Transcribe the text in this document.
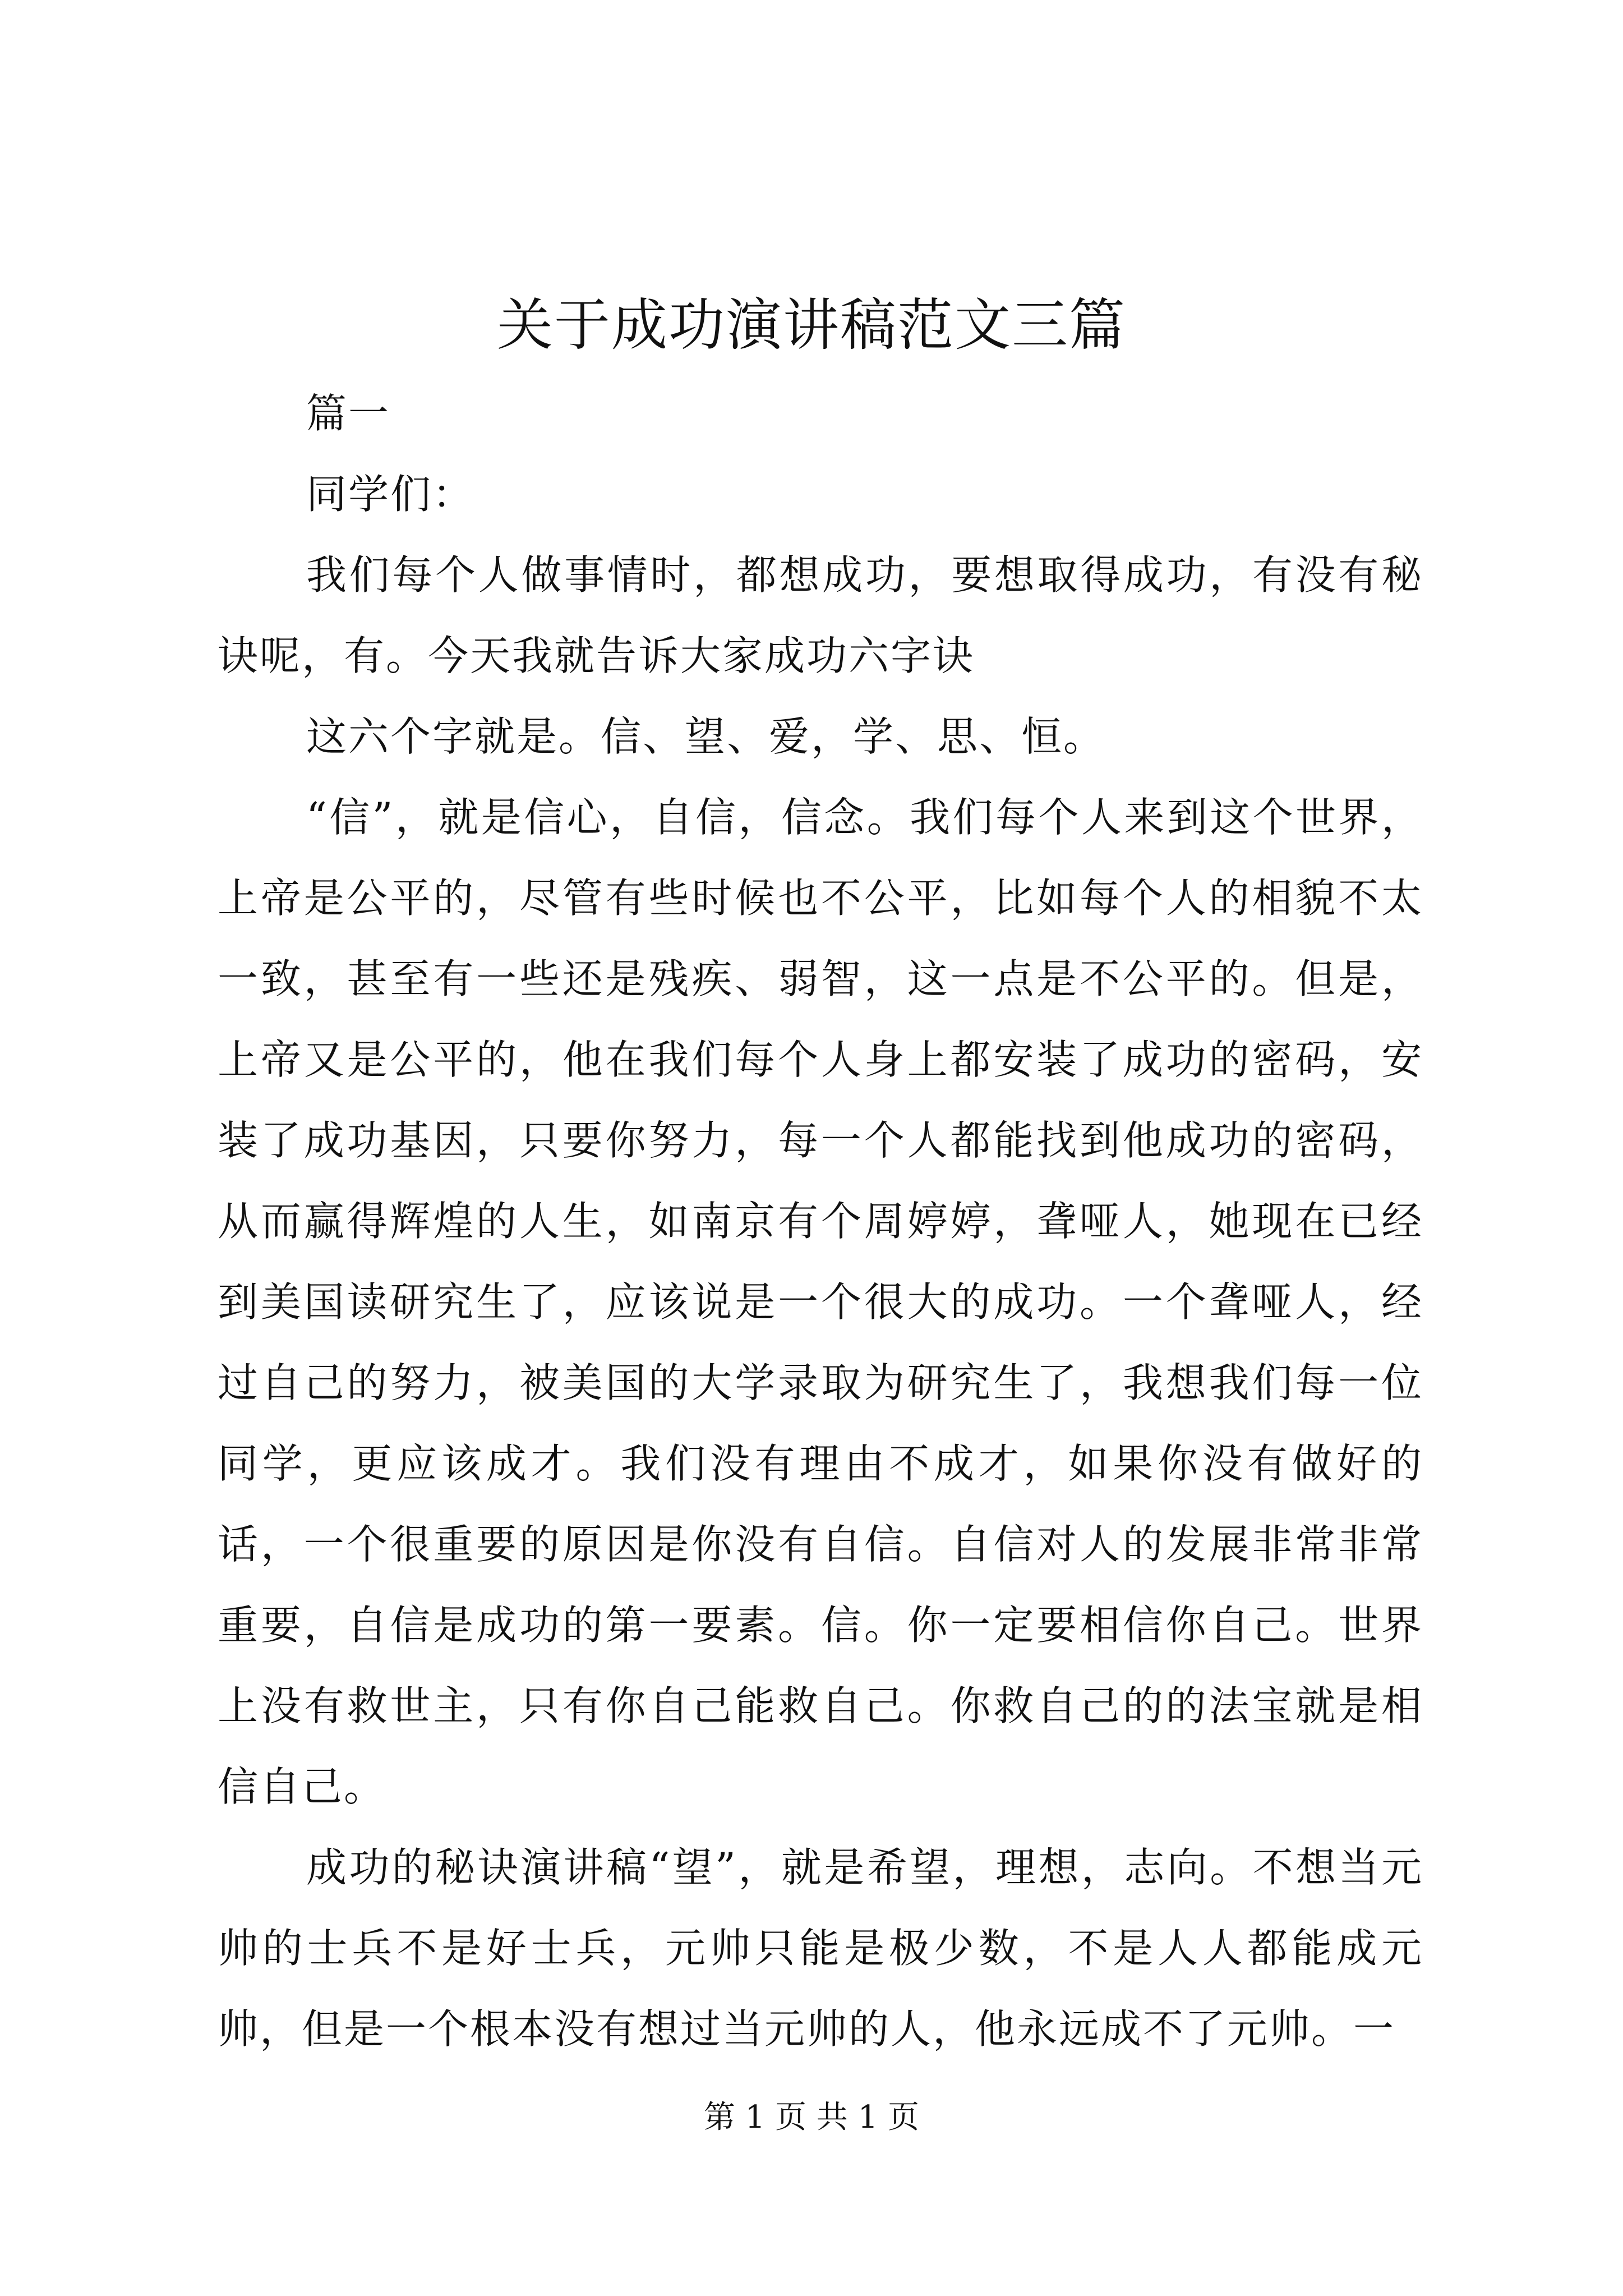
关于成功演讲稿范文三篇

篇一

同学们：

我们每个人做事情时，都想成功，要想取得成功，有没有秘诀呢，有。今天我就告诉大家成功六字诀

这六个字就是。信、望、爱，学、思、恒。

“信”，就是信心，自信，信念。我们每个人来到这个世界，上帝是公平的，尽管有些时候也不公平，比如每个人的相貌不太一致，甚至有一些还是残疾、弱智，这一点是不公平的。但是，上帝又是公平的，他在我们每个人身上都安装了成功的密码，安装了成功基因，只要你努力，每一个人都能找到他成功的密码，从而赢得辉煌的人生，如南京有个周婷婷，聋哑人，她现在已经到美国读研究生了，应该说是一个很大的成功。一个聋哑人，经过自己的努力，被美国的大学录取为研究生了，我想我们每一位同学，更应该成才。我们没有理由不成才，如果你没有做好的话，一个很重要的原因是你没有自信。自信对人的发展非常非常重要，自信是成功的第一要素。信。你一定要相信你自己。世界上没有救世主，只有你自己能救自己。你救自己的的法宝就是相信自己。

成功的秘诀演讲稿“望”，就是希望，理想，志向。不想当元帅的士兵不是好士兵，元帅只能是极少数，不是人人都能成元帅，但是一个根本没有想过当元帅的人，他永远成不了元帅。一

第 1 页 共 1 页
